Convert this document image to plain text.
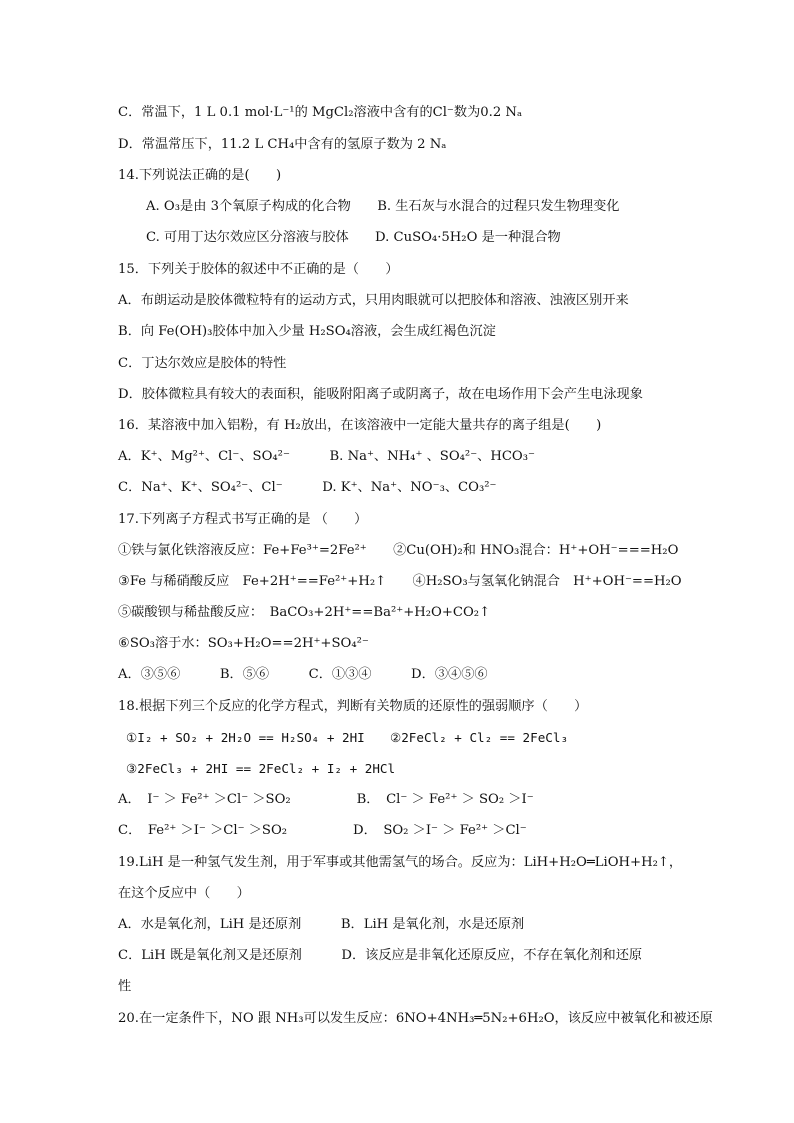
C．常温下，1 L 0.1 mol·L⁻¹的 MgCl₂溶液中含有的Cl⁻数为0.2 Nₐ
D．常温常压下，11.2 L CH₄中含有的氢原子数为 2 Nₐ
14.下列说法正确的是(　　)
A. O₃是由 3个氧原子构成的化合物　　B. 生石灰与水混合的过程只发生物理变化
C. 可用丁达尔效应区分溶液与胶体　　D. CuSO₄·5H₂O 是一种混合物
15．下列关于胶体的叙述中不正确的是（　　）
A．布朗运动是胶体微粒特有的运动方式，只用肉眼就可以把胶体和溶液、浊液区别开来
B．向 Fe(OH)₃胶体中加入少量 H₂SO₄溶液，会生成红褐色沉淀
C．丁达尔效应是胶体的特性
D．胶体微粒具有较大的表面积，能吸附阳离子或阴离子，故在电场作用下会产生电泳现象
16．某溶液中加入铝粉，有 H₂放出，在该溶液中一定能大量共存的离子组是(　　)
A．K⁺、Mg²⁺、Cl⁻、SO₄²⁻　　　B. Na⁺、NH₄⁺ 、SO₄²⁻、HCO₃⁻
C．Na⁺、K⁺、SO₄²⁻、Cl⁻　　　D. K⁺、Na⁺、NO⁻₃、CO₃²⁻
17.下列离子方程式书写正确的是 （　　）
①铁与氯化铁溶液反应：Fe+Fe³⁺=2Fe²⁺　　②Cu(OH)₂和 HNO₃混合：H⁺+OH⁻===H₂O
③Fe 与稀硝酸反应　Fe+2H⁺==Fe²⁺+H₂↑　　④H₂SO₃与氢氧化钠混合　H⁺+OH⁻==H₂O
⑤碳酸钡与稀盐酸反应：　BaCO₃+2H⁺==Ba²⁺+H₂O+CO₂↑
⑥SO₃溶于水：SO₃+H₂O==2H⁺+SO₄²⁻
A．③⑤⑥　　　B．⑤⑥　　　C．①③④　　　D．③④⑤⑥
18.根据下列三个反应的化学方程式，判断有关物质的还原性的强弱顺序（　　）
①I₂ + SO₂ + 2H₂O == H₂SO₄ + 2HI　　②2FeCl₂ + Cl₂ == 2FeCl₃
③2FeCl₃ + 2HI == 2FeCl₂ + I₂ + 2HCl
A．　I⁻ ＞ Fe²⁺ ＞Cl⁻ ＞SO₂　　　　　B．　Cl⁻ ＞ Fe²⁺ ＞ SO₂ ＞I⁻
C．　Fe²⁺ ＞I⁻ ＞Cl⁻ ＞SO₂　　　　　D．　SO₂ ＞I⁻ ＞ Fe²⁺ ＞Cl⁻
19.LiH 是一种氢气发生剂，用于军事或其他需氢气的场合。反应为：LiH+H₂O═LiOH+H₂↑，
在这个反应中（　　）
A．水是氧化剂，LiH 是还原剂　　　B．LiH 是氧化剂，水是还原剂
C．LiH 既是氧化剂又是还原剂　　　D．该反应是非氧化还原反应，不存在氧化剂和还原
性
20.在一定条件下，NO 跟 NH₃可以发生反应：6NO+4NH₃═5N₂+6H₂O，该反应中被氧化和被还原
